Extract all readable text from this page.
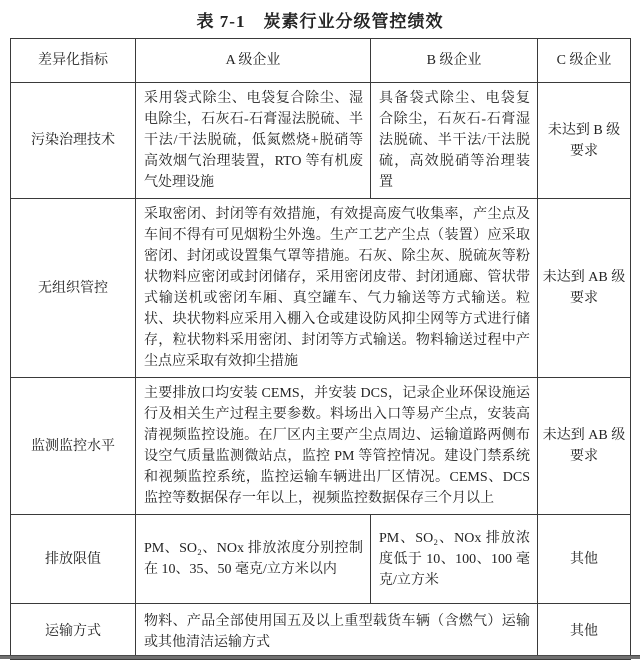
表 7-1　炭素行业分级管控绩效
差异化指标	A 级企业	B 级企业	C 级企业
污染治理技术	采用袋式除尘、电袋复合除尘、湿电除尘，石灰石-石膏湿法脱硫、半干法/干法脱硫，低氮燃烧+脱硝等高效烟气治理装置，RTO 等有机废气处理设施	具备袋式除尘、电袋复合除尘，石灰石-石膏湿法脱硫、半干法/干法脱硫，高效脱硝等治理装置	未达到 B 级要求
无组织管控	采取密闭、封闭等有效措施，有效提高废气收集率，产尘点及车间不得有可见烟粉尘外逸。生产工艺产尘点（装置）应采取密闭、封闭或设置集气罩等措施。石灰、除尘灰、脱硫灰等粉状物料应密闭或封闭储存，采用密闭皮带、封闭通廊、管状带式输送机或密闭车厢、真空罐车、气力输送等方式输送。粒状、块状物料应采用入棚入仓或建设防风抑尘网等方式进行储存，粒状物料采用密闭、封闭等方式输送。物料输送过程中产尘点应采取有效抑尘措施		未达到 AB 级要求
监测监控水平	主要排放口均安装 CEMS，并安装 DCS，记录企业环保设施运行及相关生产过程主要参数。料场出入口等易产尘点，安装高清视频监控设施。在厂区内主要产尘点周边、运输道路两侧布设空气质量监测微站点，监控 PM 等管控情况。建设门禁系统和视频监控系统，监控运输车辆进出厂区情况。CEMS、DCS 监控等数据保存一年以上，视频监控数据保存三个月以上		未达到 AB 级要求
排放限值	PM、SO₂、NOx 排放浓度分别控制在 10、35、50 毫克/立方米以内	PM、SO₂、NOx 排放浓度低于 10、100、100 毫克/立方米	其他
运输方式	物料、产品全部使用国五及以上重型载货车辆（含燃气）运输或其他清洁运输方式		其他
